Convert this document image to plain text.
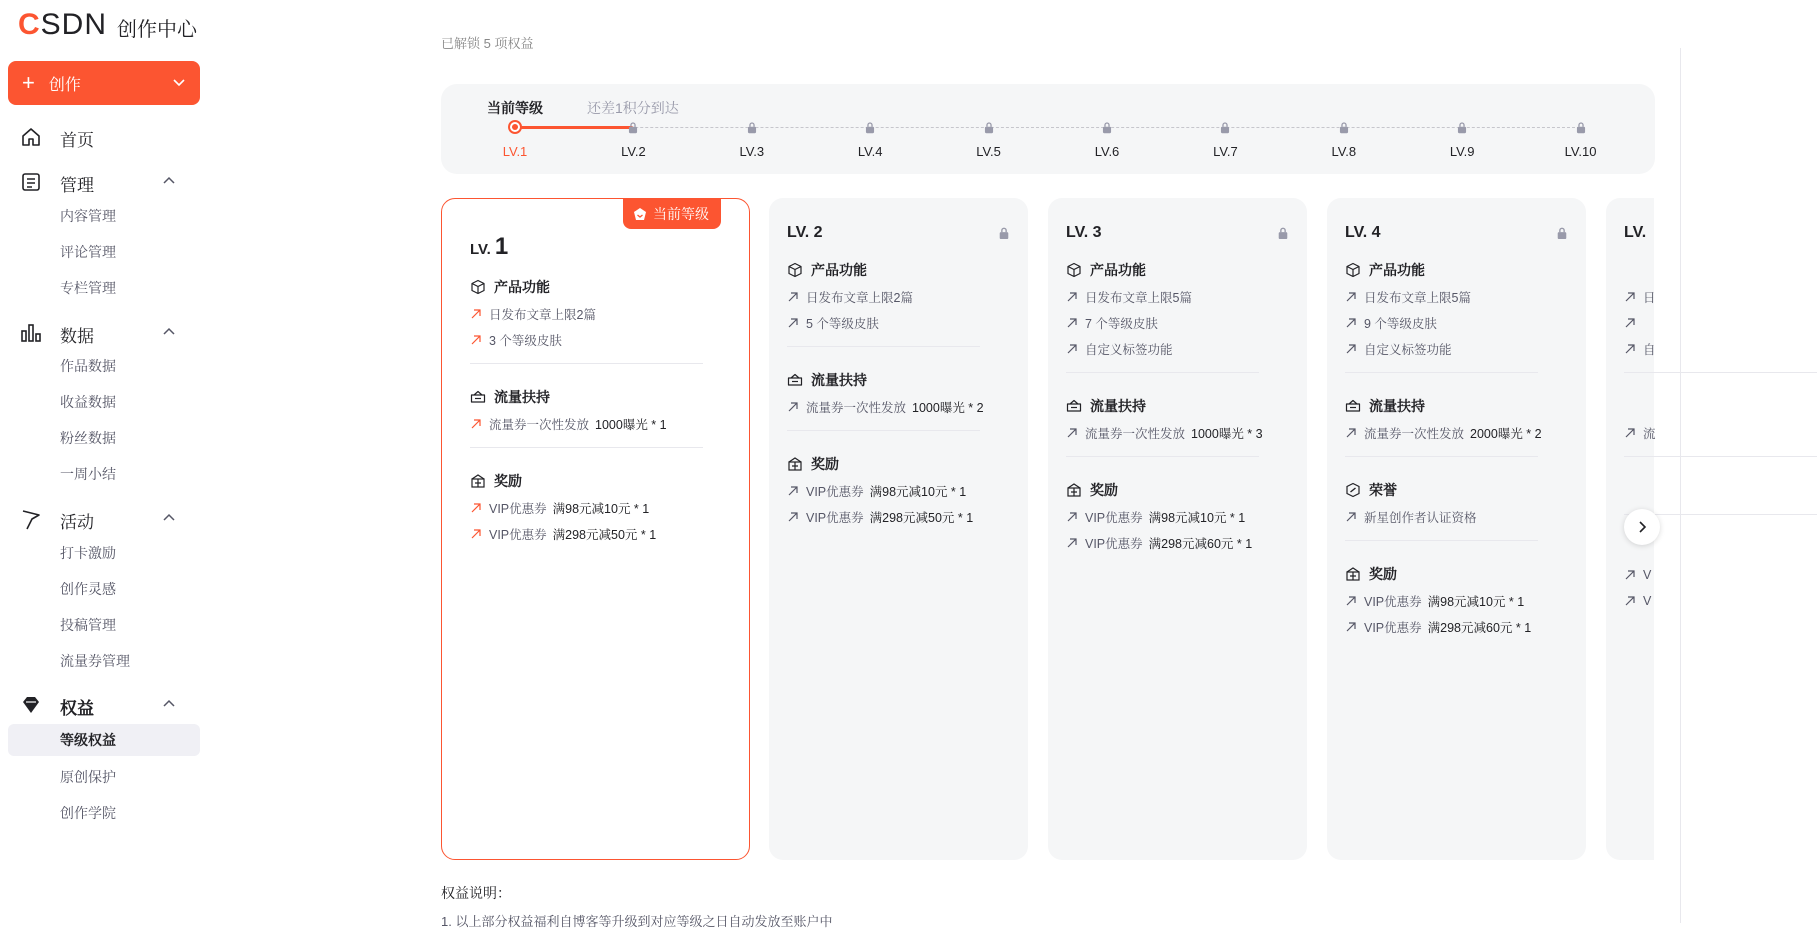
CSDN 创作中心
+ 创作
首页
管理
内容管理
评论管理
专栏管理
数据
作品数据
收益数据
粉丝数据
一周小结
活动
打卡激励
创作灵感
投稿管理
流量券管理
权益
等级权益
原创保护
创作学院
已解锁 5 项权益
当前等级	还差1积分到达
LV.1	LV.2	LV.3	LV.4	LV.5	LV.6	LV.7	LV.8	LV.9	LV.10
当前等级
LV. 1
产品功能
日发布文章上限2篇
3 个等级皮肤
流量扶持
流量券一次性发放 1000曝光 * 1
奖励
VIP优惠券 满98元减10元 * 1
VIP优惠券 满298元减50元 * 1
LV. 2
产品功能
日发布文章上限2篇
5 个等级皮肤
流量扶持
流量券一次性发放 1000曝光 * 2
奖励
VIP优惠券 满98元减10元 * 1
VIP优惠券 满298元减50元 * 1
LV. 3
产品功能
日发布文章上限5篇
7 个等级皮肤
自定义标签功能
流量扶持
流量券一次性发放 1000曝光 * 3
奖励
VIP优惠券 满98元减10元 * 1
VIP优惠券 满298元减60元 * 1
LV. 4
产品功能
日发布文章上限5篇
9 个等级皮肤
自定义标签功能
流量扶持
流量券一次性发放 2000曝光 * 2
荣誉
新星创作者认证资格
奖励
VIP优惠券 满98元减10元 * 1
VIP优惠券 满298元减60元 * 1
LV.
日
自
流
V
V
权益说明：
1. 以上部分权益福利自博客等升级到对应等级之日自动发放至账户中
